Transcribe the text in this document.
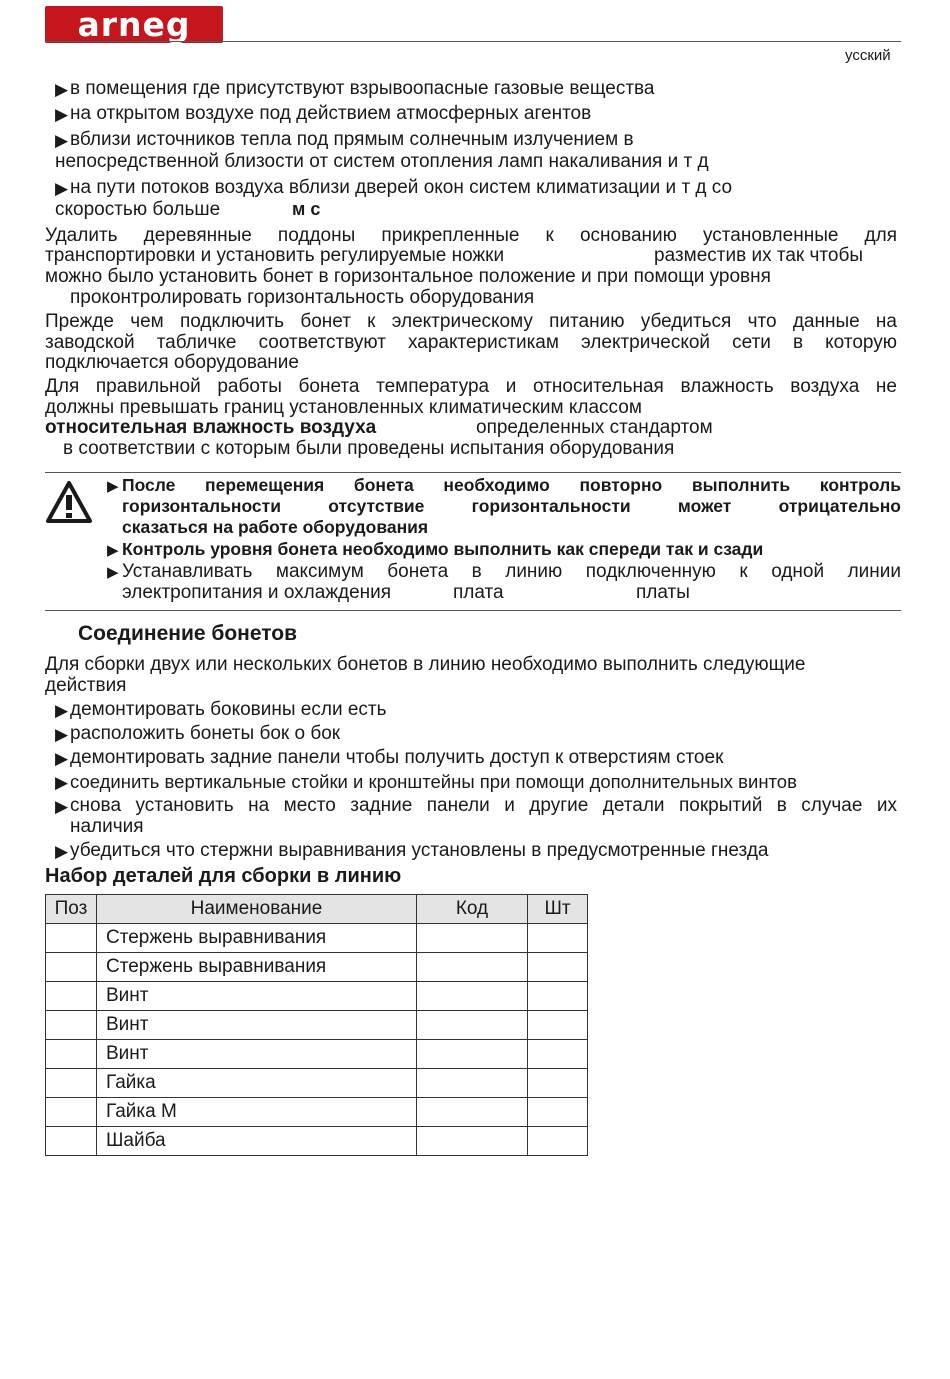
arneg
усский
▶ в помещения где присутствуют взрывоопасные газовые вещества
▶ на открытом воздухе под действием атмосферных агентов
▶ вблизи источников тепла под прямым солнечным излучением в
непосредственной близости от систем отопления ламп накаливания и т д
▶ на пути потоков воздуха вблизи дверей окон систем климатизации и т д со
скоростью больше	м с
Удалить деревянные поддоны прикрепленные к основанию установленные для
транспортировки и установить регулируемые ножки	разместив их так чтобы
можно было установить бонет в горизонтальное положение и при помощи уровня
проконтролировать горизонтальность оборудования
Прежде чем подключить бонет к электрическому питанию убедиться что данные на
заводской табличке соответствуют характеристикам электрической сети в которую
подключается оборудование
Для правильной работы бонета температура и относительная влажность воздуха не
должны превышать границ установленных климатическим классом
относительная влажность воздуха	определенных стандартом
в соответствии с которым были проведены испытания оборудования
▶ После перемещения бонета необходимо повторно выполнить контроль
горизонтальности отсутствие горизонтальности может отрицательно
сказаться на работе оборудования
▶ Контроль уровня бонета необходимо выполнить как спереди так и сзади
▶ Устанавливать максимум бонета в линию подключенную к одной линии
электропитания и охлаждения	плата	платы
Соединение бонетов
Для сборки двух или нескольких бонетов в линию необходимо выполнить следующие
действия
▶ демонтировать боковины если есть
▶ расположить бонеты бок о бок
▶ демонтировать задние панели чтобы получить доступ к отверстиям стоек
▶ соединить вертикальные стойки и кронштейны при помощи дополнительных винтов
▶ снова установить на место задние панели и другие детали покрытий в случае их
наличия
▶ убедиться что стержни выравнивания установлены в предусмотренные гнезда
Набор деталей для сборки в линию
Поз	Наименование	Код	Шт
	Стержень выравнивания		
	Стержень выравнивания		
	Винт		
	Винт		
	Винт		
	Гайка		
	Гайка М		
	Шайба		
